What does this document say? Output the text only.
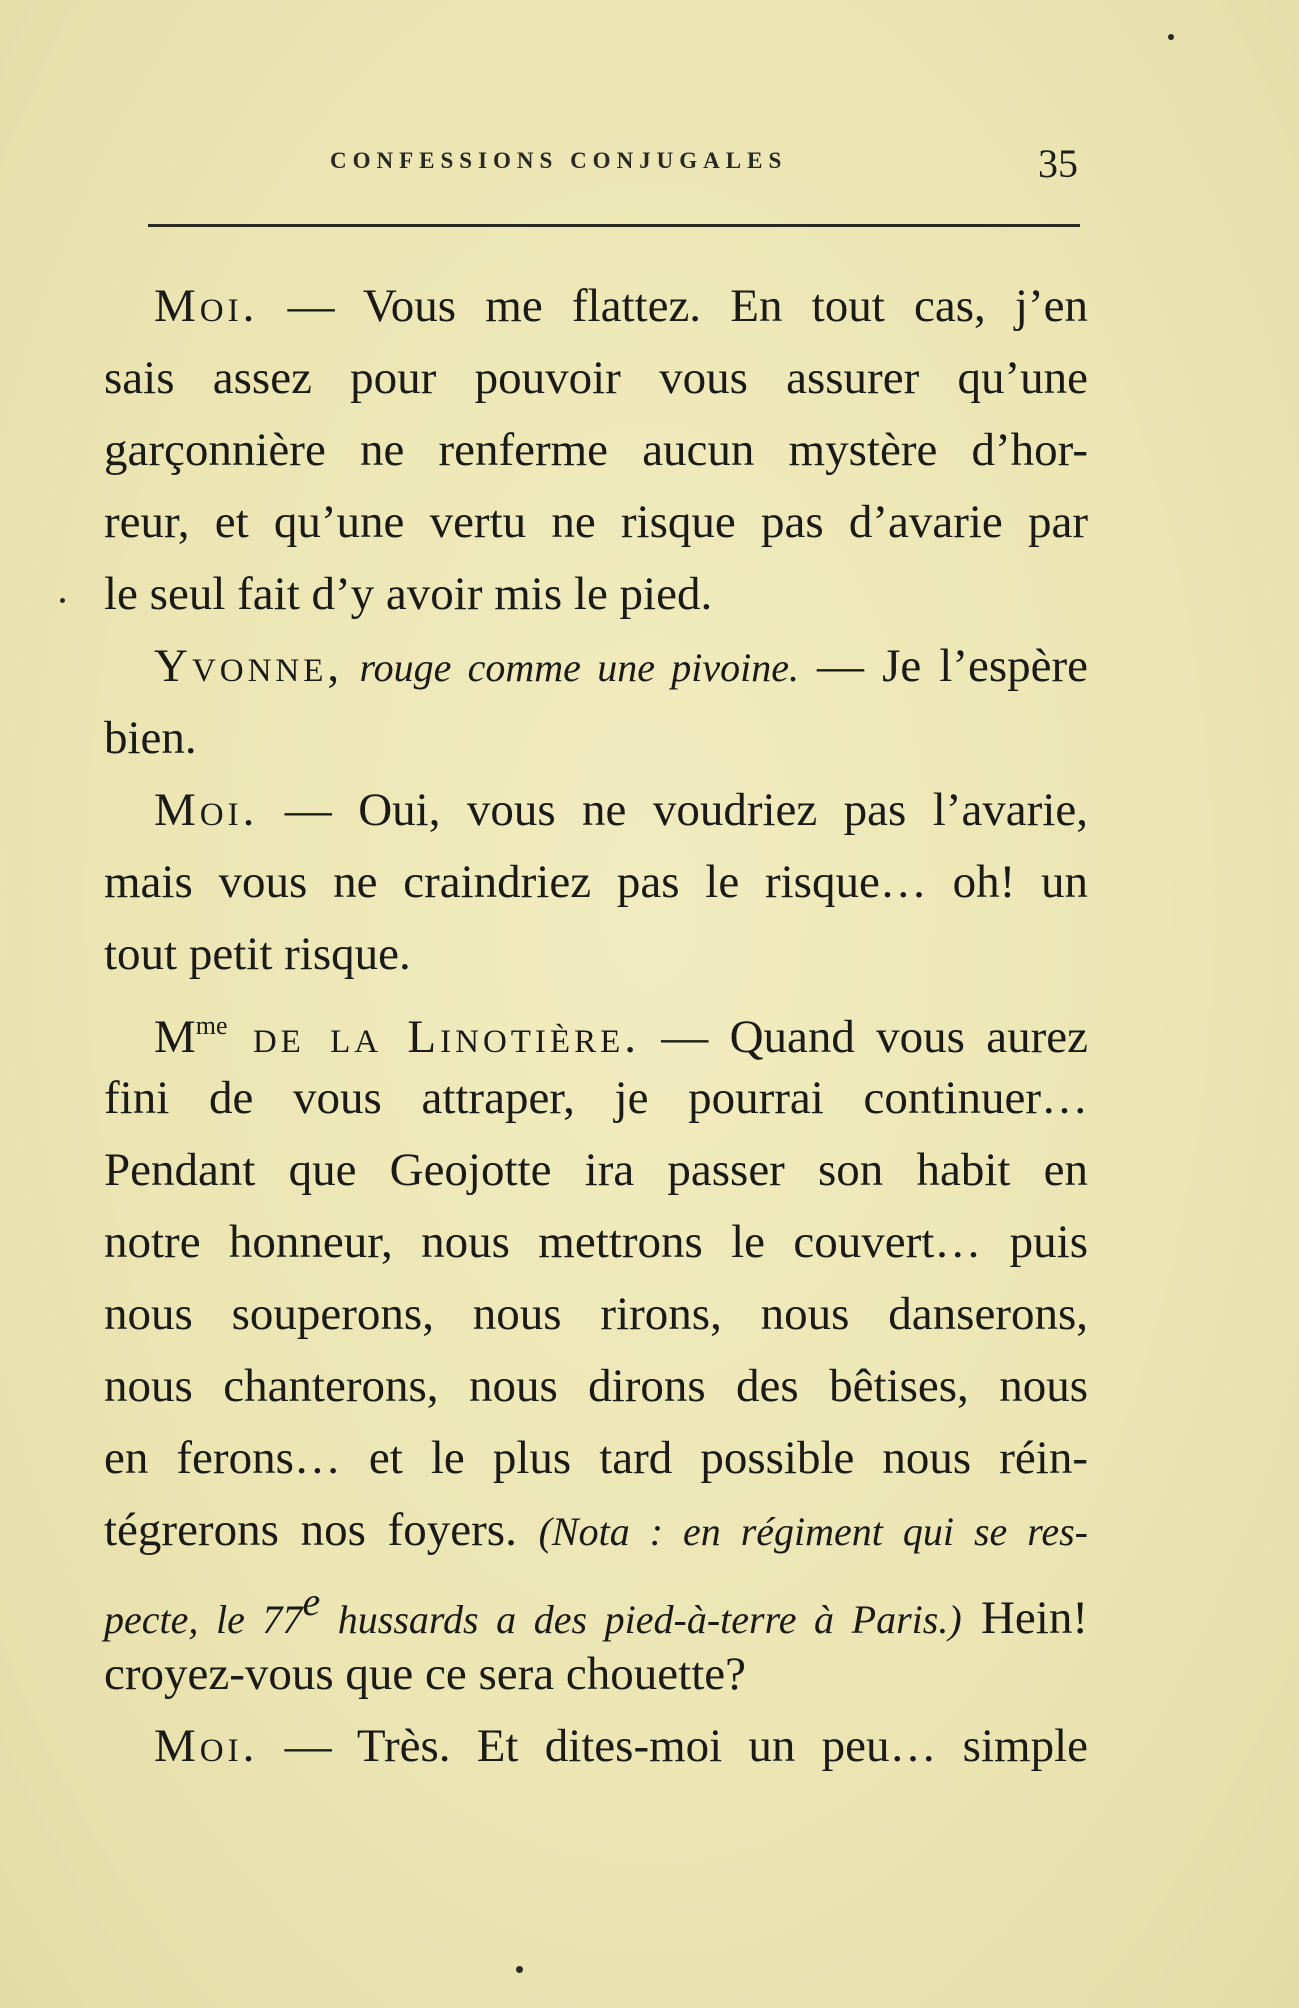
CONFESSIONS CONJUGALES	35
Moi. — Vous me flattez. En tout cas, j’en
sais assez pour pouvoir vous assurer qu’une
garçonnière ne renferme aucun mystère d’hor-
reur, et qu’une vertu ne risque pas d’avarie par
le seul fait d’y avoir mis le pied.
Yvonne, rouge comme une pivoine. — Je l’espère
bien.
Moi. — Oui, vous ne voudriez pas l’avarie,
mais vous ne craindriez pas le risque… oh! un
tout petit risque.
$M^{me}$ de la Linotière. — Quand vous aurez
fini de vous attraper, je pourrai continuer…
Pendant que Geojotte ira passer son habit en
notre honneur, nous mettrons le couvert… puis
nous souperons, nous rirons, nous danserons,
nous chanterons, nous dirons des bêtises, nous
en ferons… et le plus tard possible nous réin-
tégrerons nos foyers. (Nota : en régiment qui se res-
pecte, le 77e hussards a des pied-à-terre à Paris.) Hein!
croyez-vous que ce sera chouette?
Moi. — Très. Et dites-moi un peu… simple
